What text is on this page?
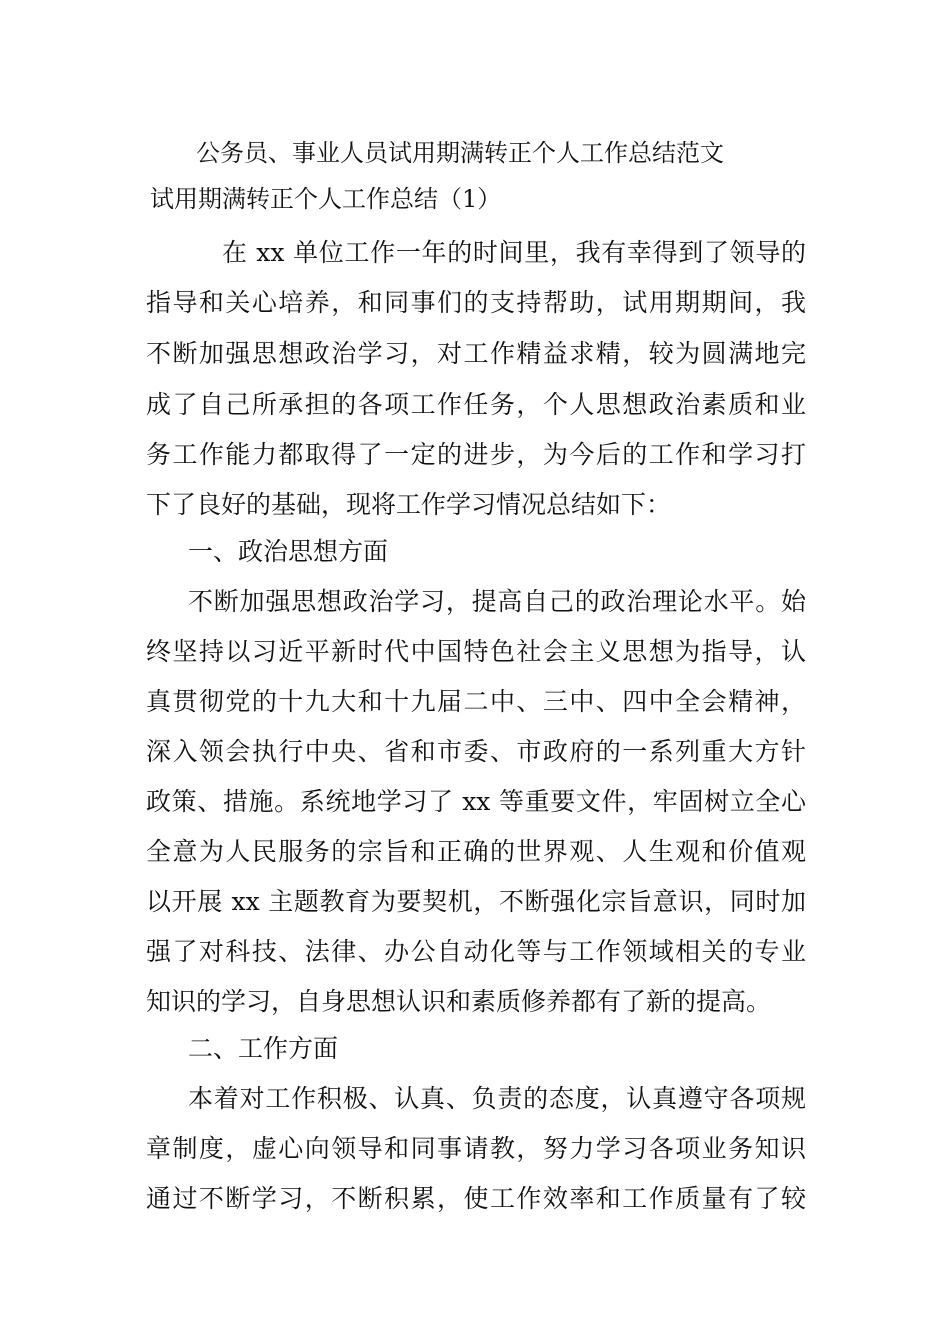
公务员、事业人员试用期满转正个人工作总结范文
试用期满转正个人工作总结（1）

在 xx 单位工作一年的时间里，我有幸得到了领导的

指导和关心培养，和同事们的支持帮助，试用期期间，我

不断加强思想政治学习，对工作精益求精，较为圆满地完

成了自己所承担的各项工作任务，个人思想政治素质和业

务工作能力都取得了一定的进步，为今后的工作和学习打

下了良好的基础，现将工作学习情况总结如下：

一、政治思想方面

不断加强思想政治学习，提高自己的政治理论水平。始

终坚持以习近平新时代中国特色社会主义思想为指导，认

真贯彻党的十九大和十九届二中、三中、四中全会精神，

深入领会执行中央、省和市委、市政府的一系列重大方针

政策、措施。系统地学习了 xx 等重要文件，牢固树立全心

全意为人民服务的宗旨和正确的世界观、人生观和价值观

以开展 xx 主题教育为要契机，不断强化宗旨意识，同时加

强了对科技、法律、办公自动化等与工作领域相关的专业

知识的学习，自身思想认识和素质修养都有了新的提高。

二、工作方面

本着对工作积极、认真、负责的态度，认真遵守各项规

章制度，虚心向领导和同事请教，努力学习各项业务知识

通过不断学习，不断积累，使工作效率和工作质量有了较
